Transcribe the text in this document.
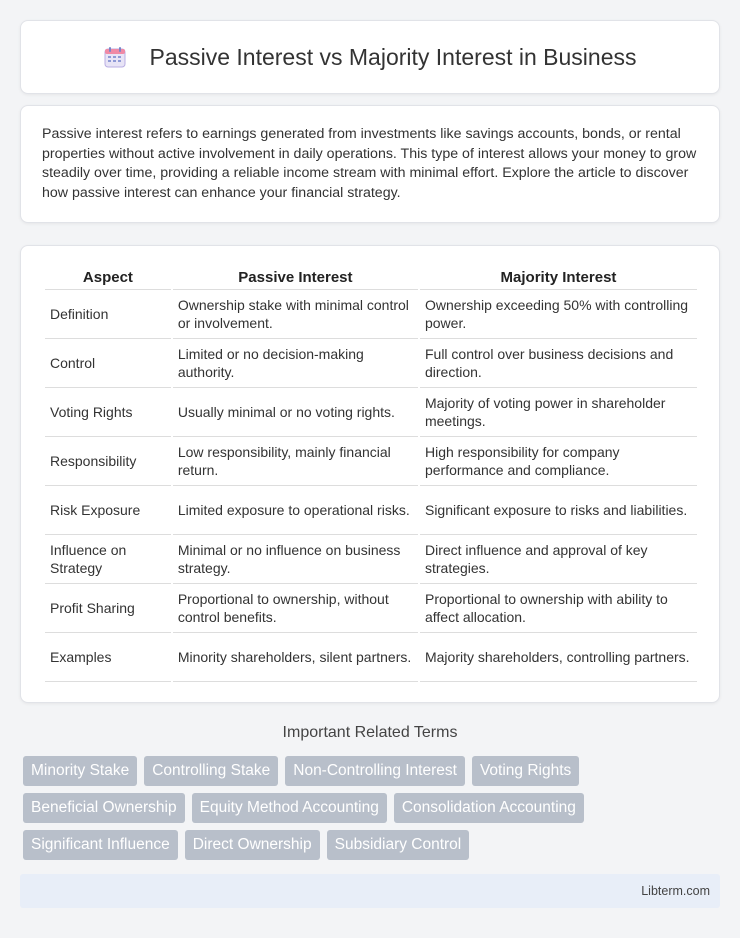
Passive Interest vs Majority Interest in Business

Passive interest refers to earnings generated from investments like savings accounts, bonds, or rental properties without active involvement in daily operations. This type of interest allows your money to grow steadily over time, providing a reliable income stream with minimal effort. Explore the article to discover how passive interest can enhance your financial strategy.

Aspect	Passive Interest	Majority Interest
Definition	Ownership stake with minimal control or involvement.	Ownership exceeding 50% with controlling power.
Control	Limited or no decision-making authority.	Full control over business decisions and direction.
Voting Rights	Usually minimal or no voting rights.	Majority of voting power in shareholder meetings.
Responsibility	Low responsibility, mainly financial return.	High responsibility for company performance and compliance.
Risk Exposure	Limited exposure to operational risks.	Significant exposure to risks and liabilities.
Influence on Strategy	Minimal or no influence on business strategy.	Direct influence and approval of key strategies.
Profit Sharing	Proportional to ownership, without control benefits.	Proportional to ownership with ability to affect allocation.
Examples	Minority shareholders, silent partners.	Majority shareholders, controlling partners.
Important Related Terms
Minority Stake	Controlling Stake	Non-Controlling Interest	Voting Rights
Beneficial Ownership	Equity Method Accounting	Consolidation Accounting
Significant Influence	Direct Ownership	Subsidiary Control
Libterm.com
